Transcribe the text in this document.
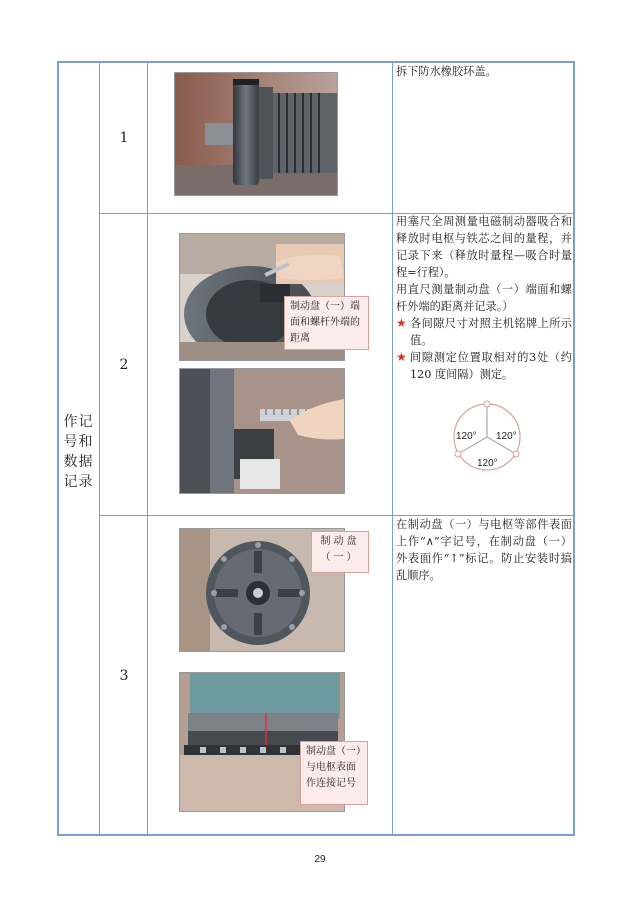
作记号和数据记录
1
2
3
拆下防水橡胶环盖。
制动盘（一）端面和螺杆外端的距离

用塞尺全周测量电磁制动器吸合和释放时电枢与铁芯之间的量程，并记录下来（释放时量程—吸合时量程=行程）。

用直尺测量制动盘（一）端面和螺杆外端的距离并记录。）

★ 各间隙尺寸对照主机铭牌上所示值。
★ 间隙测定位置取相对的3处（约 120 度间隔）测定。
120° 120°
120°
制动盘（一）
制动盘（一）与电枢表面作连接记号
在制动盘（一）与电枢等部件表面上作“∧”字记号，在制动盘（一）外表面作“↑”标记。防止安装时搞乱顺序。
29
